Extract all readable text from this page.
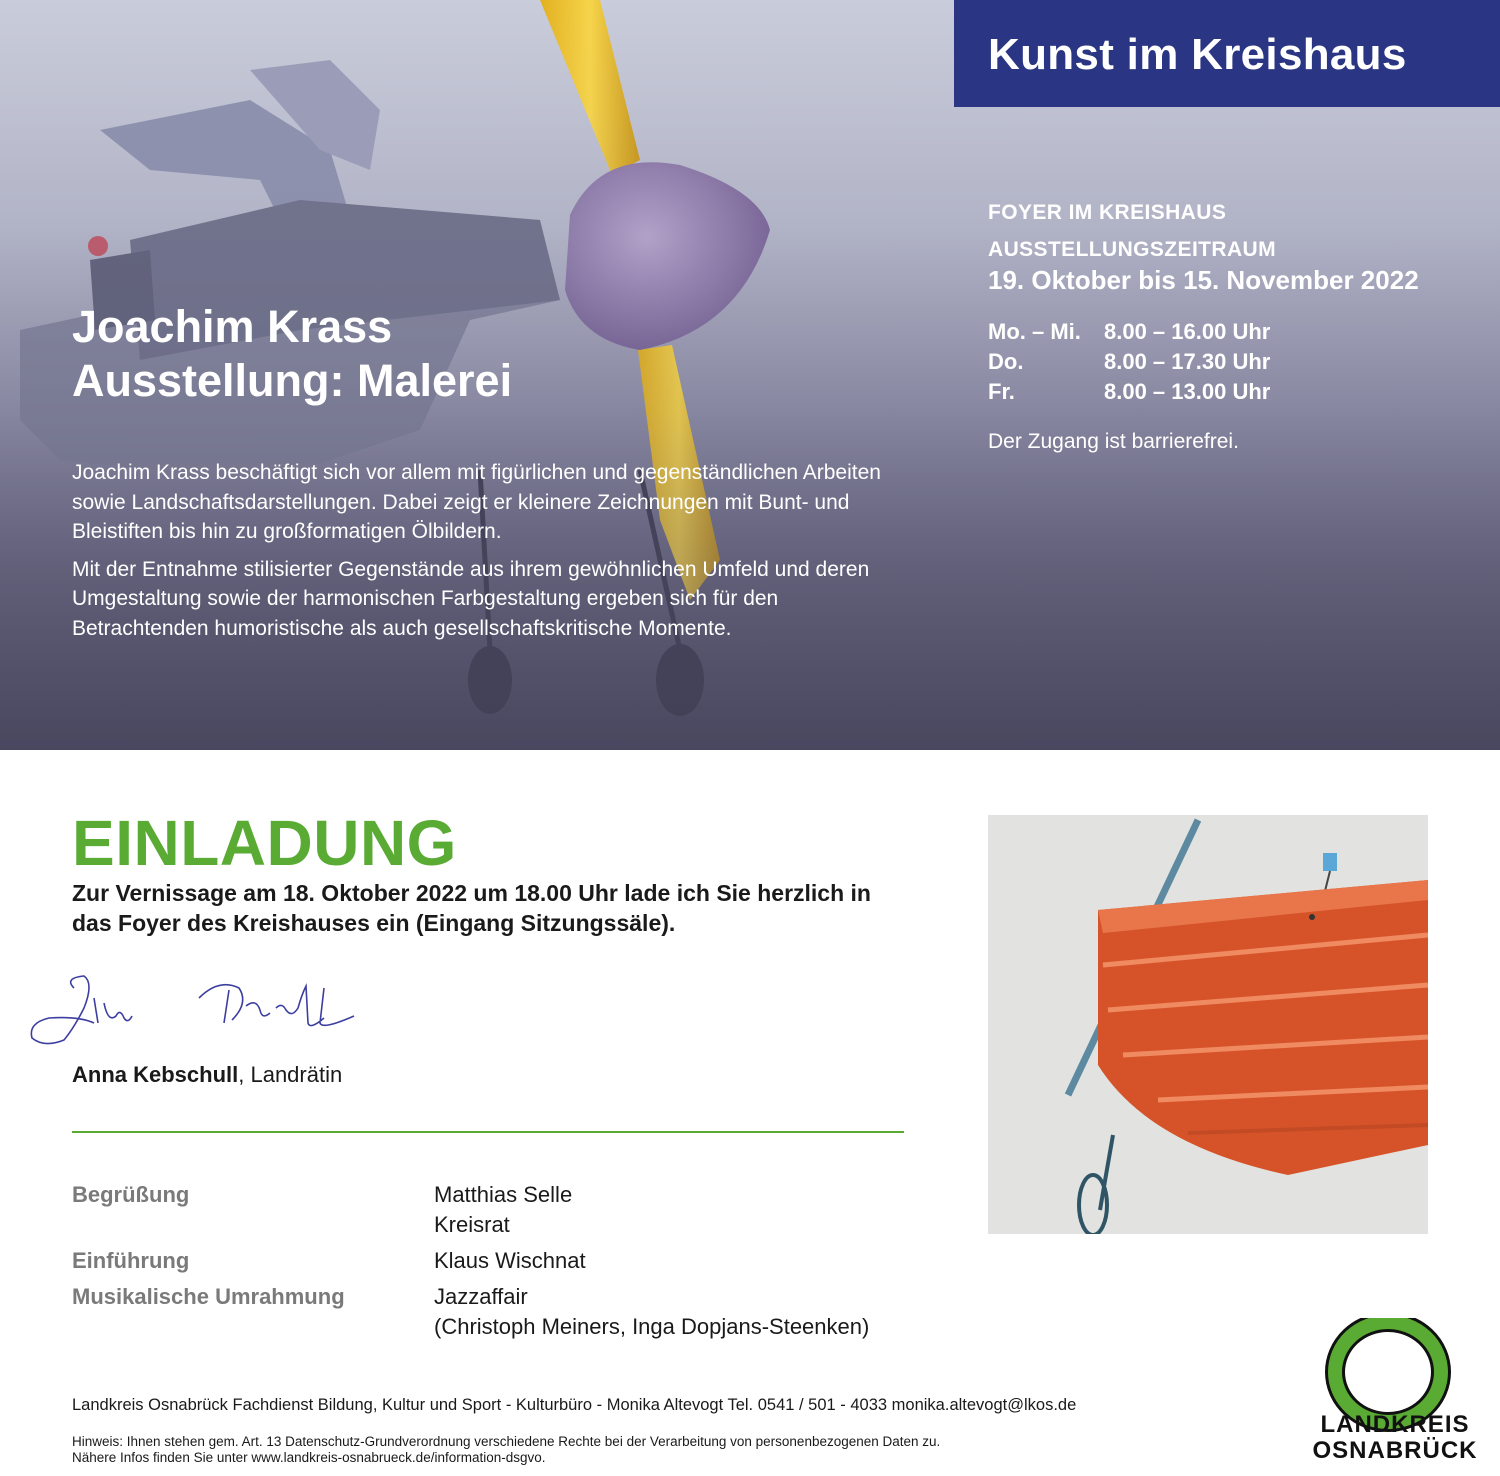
Kunst im Kreishaus
FOYER IM KREISHAUS
AUSSTELLUNGSZEITRAUM
19. Oktober bis 15. November 2022
Mo. – Mi.	8.00 – 16.00 Uhr
Do.	8.00 – 17.30 Uhr
Fr.	8.00 – 13.00 Uhr
Der Zugang ist barrierefrei.
Joachim Krass
Ausstellung: Malerei

Joachim Krass beschäftigt sich vor allem mit figürlichen und gegenständlichen Arbeiten sowie Landschaftsdarstellungen. Dabei zeigt er kleinere Zeichnungen mit Bunt- und Bleistiften bis hin zu großformatigen Ölbildern.

Mit der Entnahme stilisierter Gegenstände aus ihrem gewöhnlichen Umfeld und deren Umgestaltung sowie der harmonischen Farbgestaltung ergeben sich für den Betrachtenden humoristische als auch gesellschaftskritische Momente.

EINLADUNG
Zur Vernissage am 18. Oktober 2022 um 18.00 Uhr lade ich Sie herzlich in das Foyer des Kreishauses ein (Eingang Sitzungssäle).
Anna Kebschull, Landrätin
Begrüßung	Matthias Selle
Kreisrat
Einführung	Klaus Wischnat
Musikalische Umrahmung	Jazzaffair
(Christoph Meiners, Inga Dopjans-Steenken)
Landkreis Osnabrück Fachdienst Bildung, Kultur und Sport - Kulturbüro - Monika Altevogt Tel. 0541 / 501 - 4033 monika.altevogt@lkos.de
Hinweis: Ihnen stehen gem. Art. 13 Datenschutz-Grundverordnung verschiedene Rechte bei der Verarbeitung von personenbezogenen Daten zu.
Nähere Infos finden Sie unter www.landkreis-osnabrueck.de/information-dsgvo.
LANDKREIS
OSNABRÜCK
